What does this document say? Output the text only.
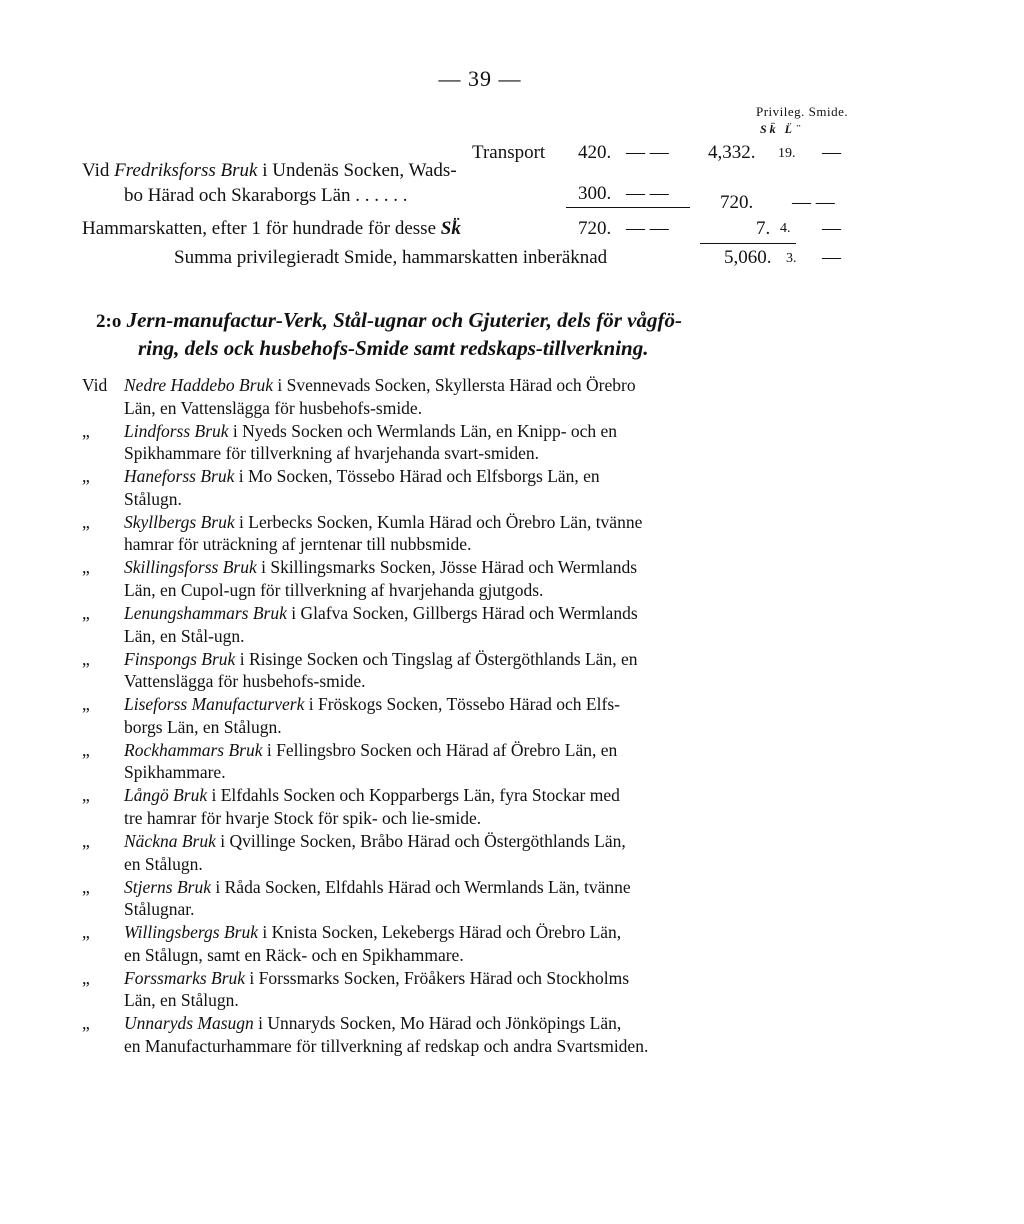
— 39 —
Privileg. Smide.
Sk̈ L̈ ̈
Transport 420. — — 4,332. 19. —
Vid Fredriksforss Bruk i Undenäs Socken, Wads-
bo Härad och Skaraborgs Län . . . . . .	300. — —	720. — —
Hammarskatten, efter 1 för hundrade för desse Sk̈	720. — —	7. 4. —
Summa privilegieradt Smide, hammarskatten inberäknad	5,060. 3. —
2:o Jern-manufactur-Verk, Stål-ugnar och Gjuterier, dels för vågfö-
ring, dels ock husbehofs-Smide samt redskaps-tillverkning.
Vid Nedre Haddebo Bruk i Svennevads Socken, Skyllersta Härad och Örebro
Län, en Vattenslägga för husbehofs-smide.
„ Lindforss Bruk i Nyeds Socken och Wermlands Län, en Knipp- och en
Spikhammare för tillverkning af hvarjehanda svart-smiden.
„ Haneforss Bruk i Mo Socken, Tössebo Härad och Elfsborgs Län, en
Stålugn.
„ Skyllbergs Bruk i Lerbecks Socken, Kumla Härad och Örebro Län, tvänne
hamrar för uträckning af jerntenar till nubbsmide.
„ Skillingsforss Bruk i Skillingsmarks Socken, Jösse Härad och Wermlands
Län, en Cupol-ugn för tillverkning af hvarjehanda gjutgods.
„ Lenungshammars Bruk i Glafva Socken, Gillbergs Härad och Wermlands
Län, en Stål-ugn.
„ Finspongs Bruk i Risinge Socken och Tingslag af Östergöthlands Län, en
Vattenslägga för husbehofs-smide.
„ Liseforss Manufacturverk i Fröskogs Socken, Tössebo Härad och Elfs-
borgs Län, en Stålugn.
„ Rockhammars Bruk i Fellingsbro Socken och Härad af Örebro Län, en
Spikhammare.
„ Långö Bruk i Elfdahls Socken och Kopparbergs Län, fyra Stockar med
tre hamrar för hvarje Stock för spik- och lie-smide.
„ Näckna Bruk i Qvillinge Socken, Bråbo Härad och Östergöthlands Län,
en Stålugn.
„ Stjerns Bruk i Råda Socken, Elfdahls Härad och Wermlands Län, tvänne
Stålugnar.
„ Willingsbergs Bruk i Knista Socken, Lekebergs Härad och Örebro Län,
en Stålugn, samt en Räck- och en Spikhammare.
„ Forssmarks Bruk i Forssmarks Socken, Fröåkers Härad och Stockholms
Län, en Stålugn.
„ Unnaryds Masugn i Unnaryds Socken, Mo Härad och Jönköpings Län,
en Manufacturhammare för tillverkning af redskap och andra Svartsmiden.
